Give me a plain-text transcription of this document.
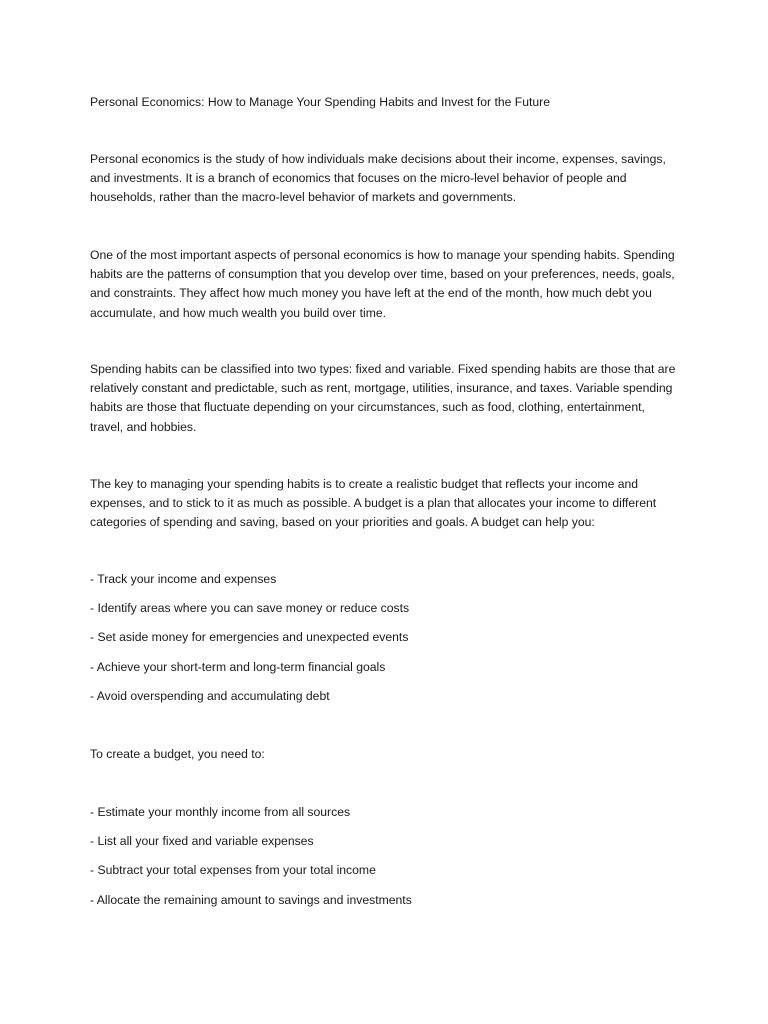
Personal Economics: How to Manage Your Spending Habits and Invest for the Future

Personal economics is the study of how individuals make decisions about their income, expenses, savings, and investments. It is a branch of economics that focuses on the micro-level behavior of people and households, rather than the macro-level behavior of markets and governments.

One of the most important aspects of personal economics is how to manage your spending habits. Spending habits are the patterns of consumption that you develop over time, based on your preferences, needs, goals, and constraints. They affect how much money you have left at the end of the month, how much debt you accumulate, and how much wealth you build over time.

Spending habits can be classified into two types: fixed and variable. Fixed spending habits are those that are relatively constant and predictable, such as rent, mortgage, utilities, insurance, and taxes. Variable spending habits are those that fluctuate depending on your circumstances, such as food, clothing, entertainment, travel, and hobbies.

The key to managing your spending habits is to create a realistic budget that reflects your income and expenses, and to stick to it as much as possible. A budget is a plan that allocates your income to different categories of spending and saving, based on your priorities and goals. A budget can help you:

- Track your income and expenses
- Identify areas where you can save money or reduce costs
- Set aside money for emergencies and unexpected events
- Achieve your short-term and long-term financial goals
- Avoid overspending and accumulating debt

To create a budget, you need to:

- Estimate your monthly income from all sources
- List all your fixed and variable expenses
- Subtract your total expenses from your total income
- Allocate the remaining amount to savings and investments
